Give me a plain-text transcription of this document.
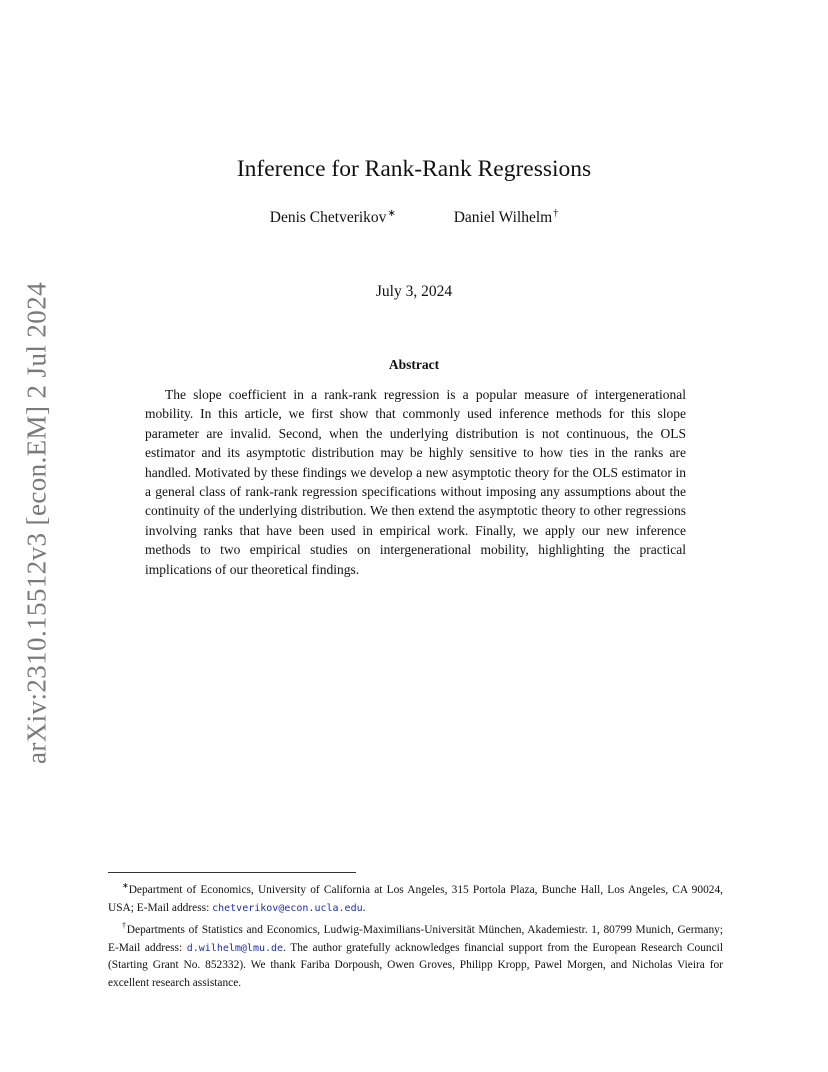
arXiv:2310.15512v3 [econ.EM] 2 Jul 2024
Inference for Rank-Rank Regressions
Denis Chetverikov∗	Daniel Wilhelm†
July 3, 2024
Abstract
The slope coefficient in a rank-rank regression is a popular measure of intergenerational mobility. In this article, we first show that commonly used inference methods for this slope parameter are invalid. Second, when the underlying distribution is not continuous, the OLS estimator and its asymptotic distribution may be highly sensitive to how ties in the ranks are handled. Motivated by these findings we develop a new asymptotic theory for the OLS estimator in a general class of rank-rank regression specifications without imposing any assumptions about the continuity of the underlying distribution. We then extend the asymptotic theory to other regressions involving ranks that have been used in empirical work. Finally, we apply our new inference methods to two empirical studies on intergenerational mobility, highlighting the practical implications of our theoretical findings.

∗Department of Economics, University of California at Los Angeles, 315 Portola Plaza, Bunche Hall, Los Angeles, CA 90024, USA; E-Mail address: chetverikov@econ.ucla.edu.

†Departments of Statistics and Economics, Ludwig-Maximilians-Universität München, Akademiestr. 1, 80799 Munich, Germany; E-Mail address: d.wilhelm@lmu.de. The author gratefully acknowledges financial support from the European Research Council (Starting Grant No. 852332). We thank Fariba Dorpoush, Owen Groves, Philipp Kropp, Pawel Morgen, and Nicholas Vieira for excellent research assistance.
